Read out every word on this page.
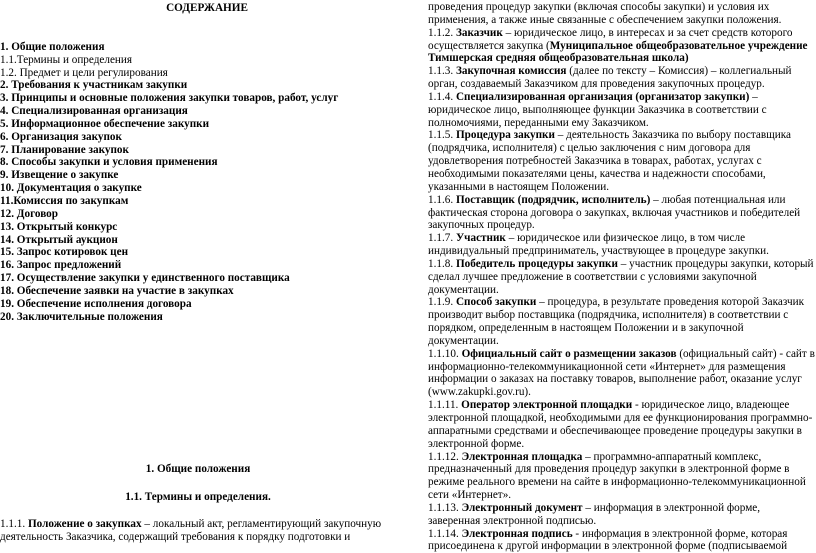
СОДЕРЖАНИЕ
1. Общие положения
1.1.Термины и определения
1.2. Предмет и цели регулирования
2. Требования к участникам закупки
3. Принципы и основные положения закупки товаров, работ, услуг
4. Специализированная организация
5. Информационное обеспечение закупки
6. Организация закупок
7. Планирование закупок
8. Способы закупки и условия применения
9. Извещение о закупке
10. Документация о закупке
11.Комиссия по закупкам
12. Договор
13. Открытый конкурс
14. Открытый аукцион
15. Запрос котировок цен
16. Запрос предложений
17. Осуществление закупки у единственного поставщика
18. Обеспечение заявки на участие в закупках
19. Обеспечение исполнения договора
20. Заключительные положения
1. Общие положения
1.1. Термины и определения.
1.1.1. Положение о закупках – локальный акт, регламентирующий закупочную
деятельность Заказчика, содержащий требования к порядку подготовки и
проведения процедур закупки (включая способы закупки) и условия их
применения, а также иные связанные с обеспечением закупки положения.
1.1.2. Заказчик – юридическое лицо, в интересах и за счет средств которого
осуществляется закупка (Муниципальное общеобразовательное учреждение
Тимшерская средняя общеобразовательная школа)
1.1.3. Закупочная комиссия (далее по тексту – Комиссия) – коллегиальный
орган, создаваемый Заказчиком для проведения закупочных процедур.
1.1.4. Специализированная организация (организатор закупки) –
юридическое лицо, выполняющее функции Заказчика в соответствии с
полномочиями, переданными ему Заказчиком.
1.1.5. Процедура закупки – деятельность Заказчика по выбору поставщика
(подрядчика, исполнителя) с целью заключения с ним договора для
удовлетворения потребностей Заказчика в товарах, работах, услугах с
необходимыми показателями цены, качества и надежности способами,
указанными в настоящем Положении.
1.1.6. Поставщик (подрядчик, исполнитель) – любая потенциальная или
фактическая сторона договора о закупках, включая участников и победителей
закупочных процедур.
1.1.7. Участник – юридическое или физическое лицо, в том числе
индивидуальный предприниматель, участвующее в процедуре закупки.
1.1.8. Победитель процедуры закупки – участник процедуры закупки, который
сделал лучшее предложение в соответствии с условиями закупочной
документации.
1.1.9. Способ закупки – процедура, в результате проведения которой Заказчик
производит выбор поставщика (подрядчика, исполнителя) в соответствии с
порядком, определенным в настоящем Положении и в закупочной
документации.
1.1.10. Официальный сайт о размещении заказов (официальный сайт) - сайт в
информационно-телекоммуникационной сети «Интернет» для размещения
информации о заказах на поставку товаров, выполнение работ, оказание услуг
(www.zakupki.gov.ru).
1.1.11. Оператор электронной площадки - юридическое лицо, владеющее
электронной площадкой, необходимыми для ее функционирования программно-
аппаратными средствами и обеспечивающее проведение процедуры закупки в
электронной форме.
1.1.12. Электронная площадка – программно-аппаратный комплекс,
предназначенный для проведения процедур закупки в электронной форме в
режиме реального времени на сайте в информационно-телекоммуникационной
сети «Интернет».
1.1.13. Электронный документ – информация в электронной форме,
заверенная электронной подписью.
1.1.14. Электронная подпись - информация в электронной форме, которая
присоединена к другой информации в электронной форме (подписываемой
